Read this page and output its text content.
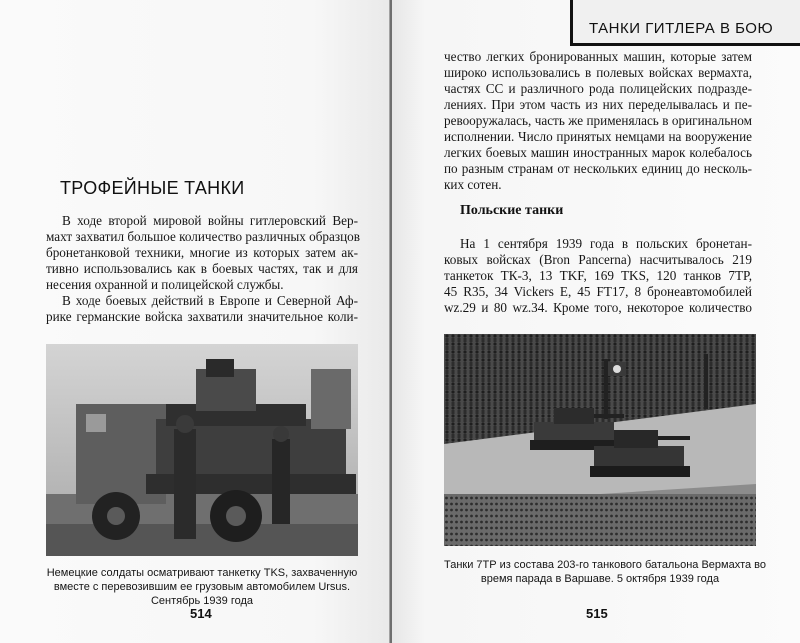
ТРОФЕЙНЫЕ ТАНКИ
В ходе второй мировой войны гитлеровский Вер-
махт захватил большое количество различных образцов
бронетанковой техники, многие из которых затем ак-
тивно использовались как в боевых частях, так и для
несения охранной и полицейской службы.
В ходе боевых действий в Европе и Северной Аф-
рике германские войска захватили значительное коли-
Немецкие солдаты осматривают танкетку TKS, захваченную
вместе с перевозившим ее грузовым автомобилем Ursus.
Сентябрь 1939 года
514
ТАНКИ ГИТЛЕРА В БОЮ
чество легких бронированных машин, которые затем
широко использовались в полевых войсках вермахта,
частях СС и различного рода полицейских подразде-
лениях. При этом часть из них переделывалась и пе-
ревооружалась, часть же применялась в оригинальном
исполнении. Число принятых немцами на вооружение
легких боевых машин иностранных марок колебалось
по разным странам от нескольких единиц до несколь-
ких сотен.
Польские танки
На 1 сентября 1939 года в польских бронетан-
ковых войсках (Bron Pancerna) насчитывалось 219
танкеток ТК-3, 13 TKF, 169 TKS, 120 танков 7ТР,
45 R35, 34 Vickers E, 45 FT17, 8 бронеавтомобилей
wz.29 и 80 wz.34. Кроме того, некоторое количество
Танки 7ТР из состава 203-го танкового батальона Вермахта во
время парада в Варшаве. 5 октября 1939 года
515
